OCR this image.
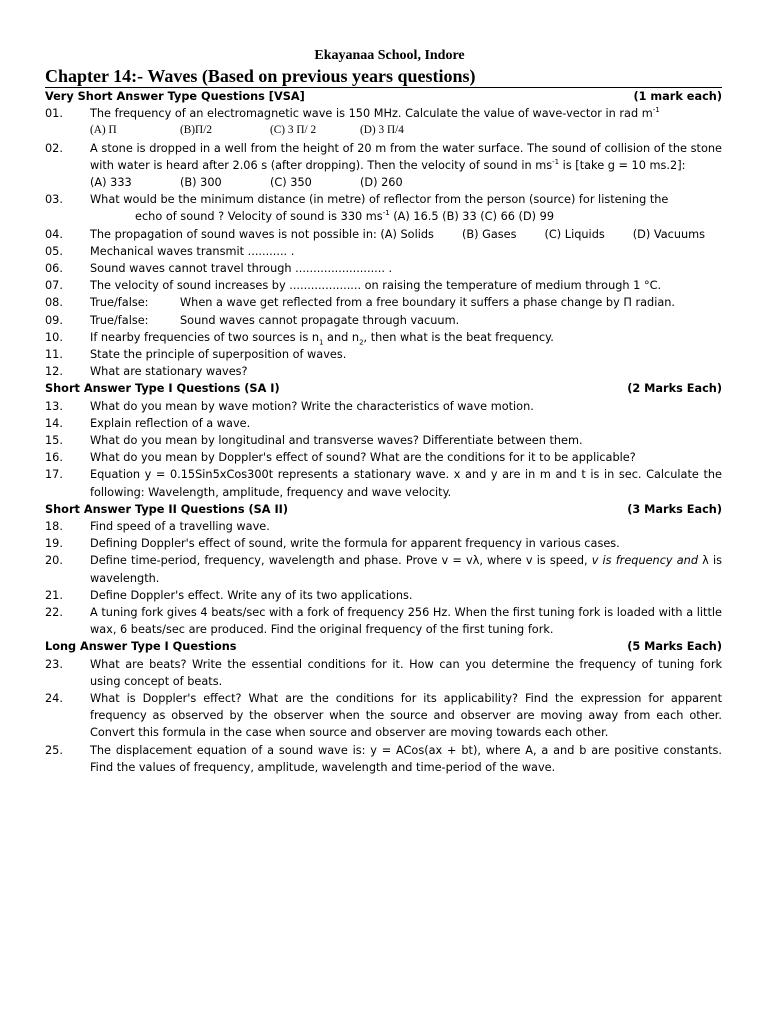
Ekayanaa School, Indore
Chapter 14:- Waves (Based on previous years questions)
Very Short Answer Type Questions [VSA]	(1 mark each)
01.	The frequency of an electromagnetic wave is 150 MHz. Calculate the value of wave-vector in rad $m^{-1}$
(A) Π	(B)Π/2	(C) 3 Π/ 2	(D) 3 Π/4
02.	A stone is dropped in a well from the height of 20 m from the water surface. The sound of collision of the stone with water is heard after 2.06 s (after dropping). Then the velocity of sound in $ms^{-1}$ is [take g = 10 ms.2]:
(A) 333	(B) 300	(C) 350	(D) 260
03.	What would be the minimum distance (in metre) of reflector from the person (source) for listening the
echo of sound ? Velocity of sound is 330 $ms^{-1}$ (A) 16.5 (B) 33 (C) 66 (D) 99
04.	The propagation of sound waves is not possible in: (A) Solids (B) Gases (C) Liquids (D) Vacuums
05.	Mechanical waves transmit ........... .
06.	Sound waves cannot travel through ......................... .
07.	The velocity of sound increases by .................... on raising the temperature of medium through 1 °C.
08.	True/false:	When a wave get reflected from a free boundary it suffers a phase change by Π radian.
09.	True/false:	Sound waves cannot propagate through vacuum.
10.	If nearby frequencies of two sources is $n_1$ and $n_2$, then what is the beat frequency.
11.	State the principle of superposition of waves.
12.	What are stationary waves?
Short Answer Type I Questions (SA I)	(2 Marks Each)
13.	What do you mean by wave motion? Write the characteristics of wave motion.
14.	Explain reflection of a wave.
15.	What do you mean by longitudinal and transverse waves? Differentiate between them.
16.	What do you mean by Doppler's effect of sound? What are the conditions for it to be applicable?
17.	Equation y = 0.15Sin5xCos300t represents a stationary wave. x and y are in m and t is in sec. Calculate the following: Wavelength, amplitude, frequency and wave velocity.
Short Answer Type II Questions (SA II)	(3 Marks Each)
18.	Find speed of a travelling wave.
19.	Defining Doppler's effect of sound, write the formula for apparent frequency in various cases.
20.	Define time-period, frequency, wavelength and phase. Prove v = vλ, where v is speed, v is frequency and λ is wavelength.
21.	Define Doppler's effect. Write any of its two applications.
22.	A tuning fork gives 4 beats/sec with a fork of frequency 256 Hz. When the first tuning fork is loaded with a little wax, 6 beats/sec are produced. Find the original frequency of the first tuning fork.
Long Answer Type I Questions	(5 Marks Each)
23.	What are beats? Write the essential conditions for it. How can you determine the frequency of tuning fork using concept of beats.
24.	What is Doppler's effect? What are the conditions for its applicability? Find the expression for apparent frequency as observed by the observer when the source and observer are moving away from each other. Convert this formula in the case when source and observer are moving towards each other.
25.	The displacement equation of a sound wave is: y = ACos(ax + bt), where A, a and b are positive constants. Find the values of frequency, amplitude, wavelength and time-period of the wave.
